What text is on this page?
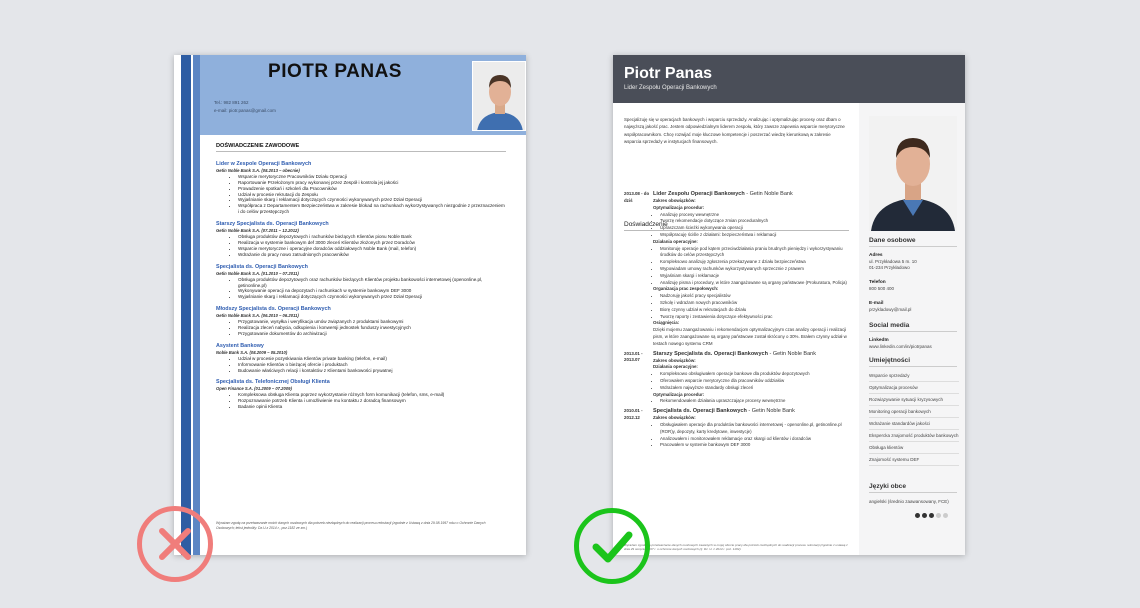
PIOTR PANAS
Tel.: 982 891 262
e-mail: piotr.panas@gmail.com
DOŚWIADCZENIE ZAWODOWE
Lider w Zespole Operacji Bankowych
Getin Noble Bank S.A. (08.2013 – obecnie)
• Wsparcie merytoryczne Pracowników Działu Operacji
• Raportowanie Przełożonym pracy wykonanej przez Zespół i kontrola jej jakości
• Prowadzenie spotkań i szkoleń dla Pracowników
• Udział w procesie rekrutacji do Zespołu
• Wyjaśnianie skarg i reklamacji dotyczących czynności wykonywanych przez Dział Operacji
• Współpraca z Departamentem Bezpieczeństwa w zakresie blokad na rachunkach wykorzystywanych niezgodnie z przeznaczeniem i do celów przestępczych
Starszy Specjalista ds. Operacji Bankowych
Getin Noble Bank S.A. (07.2011 – 12.2012)
• Obsługa produktów depozytowych i rachunków bieżących Klientów pionu Noble Bank
• Realizacja w systemie bankowym def 3000 zleceń Klientów złożonych przez Doradców
• Wsparcie merytoryczne i operacyjne doradców oddziałowych Noble Bank (mail, telefon)
• Wdrażanie do pracy nowo zatrudnionych pracowników
Specjalista ds. Operacji Bankowych
Getin Noble Bank S.A. (01.2010 – 07.2011)
• Obsługa produktów depozytowych oraz rachunków bieżących Klientów projektu bankowości internetowej (openonline.pl, getinonline.pl)
• Wykonywanie operacji na depozytach i rachunkach w systemie bankowym DEF 3000
• Wyjaśnianie skarg i reklamacji dotyczących czynności wykonywanych przez Dział Operacji
Młodszy Specjalista ds. Operacji Bankowych
Getin Noble Bank S.A. (06.2010 – 06.2011)
• Przygotowanie, wysyłka i weryfikacja umów związanych z produktami bankowymi
• Realizacja zleceń nabycia, odkupienia i konwersji jednostek funduszy inwestycyjnych
• Przygotowanie dokumentów do archiwizacji
Asystent Bankowy
Noble Bank S.A. (08.2009 – 05.2010)
• Udział w procesie pozyskiwania Klientów private banking (telefon, e-mail)
• Informowanie Klientów o bieżącej ofercie i produktach
• Budowanie właściwych relacji i kontaktów z Klientami bankowości prywatnej
Specjalista ds. Telefonicznej Obsługi Klienta
Open Finance S.A. (01.2009 – 07.2009)
• Kompleksowa obsługa Klienta poprzez wykorzystanie różnych form komunikacji (telefon, sms, e-mail)
• Rozpoznawanie potrzeb Klienta i umożliwienie mu kontaktu z doradcą finansowym
• Badanie opinii Klienta
Wyrażam zgodę na przetwarzanie moich danych osobowych dla potrzeb niezbędnych do realizacji procesu rekrutacji (zgodnie z Ustawą z dnia 29.08.1997 roku o Ochronie Danych Osobowych; tekst jednolity: Dz.U.z 2014 r., poz.1182 ze zm.)
Piotr Panas
Lider Zespołu Operacji Bankowych
Specjalizuję się w operacjach bankowych i wsparciu sprzedaży. Analizując i optymalizując procesy oraz dbam o najwyższą jakość prac. Jestem odpowiedzialnym liderem zespołu, który zawsze zapewnia wsparcie merytoryczne współpracownikom. Chcę rozwijać moje kluczowe kompetencje i poszerzać wiedzę kierunkową w zakresie wsparcia sprzedaży w instytucjach finansowych.
Doświadczenie
2013.08 - do dziś
Lider Zespołu Operacji Bankowych - Getin Noble Bank
Zakres obowiązków:
Optymalizacja procedur:
• Analizuję procesy wewnętrzne
• Tworzę rekomendacje dotyczące zmian proceduralnych
• Upraszczam ścieżki wykonywania operacji
• Współpracuję ściśle z działami: bezpieczeństwa i reklamacji
Działania operacyjne:
• Monitoruję operacje pod kątem przeciwdziałania praniu brudnych pieniędzy i wykorzystywaniu środków do celów przestępczych
• Kompleksowo analizuję zgłoszenia przekazywane z działu bezpieczeństwa
• Wypowiadam umowy rachunków wykorzystywanych sprzecznie z prawem
• Wyjaśniam skargi i reklamacje
• Analizuję pisma i procedury, w które zaangażowane są organy państwowe (Prokuratura, Policja)
Organizacja prac zespołowych:
• Nadzoruję jakość pracy specjalistów
• Szkolę i wdrażam nowych pracowników
• Biorę czynny udział w rekrutacjach do działu
• Tworzę raporty i zestawienia dotyczące efektywności prac
Osiągnięcia:
Dzięki mojemu zaangażowaniu i rekomendacjom optymalizacyjnym czas analizy operacji i realizacji pism, w które zaangażowane są organy państwowe został skrócony o 30%. Brałem czynny udział w testach nowego systemu CRM
2013.01 - 2013.07
Starszy Specjalista ds. Operacji Bankowych - Getin Noble Bank
Zakres obowiązków:
Działania operacyjne:
• Kompleksowo obsługiwałem operacje bankowe dla produktów depozytowych
• Oferowałem wsparcie merytoryczne dla pracowników oddziałów
• Wdrażałem najwyższe standardy obsługi zleceń
Optymalizacja procedur:
• Rekomendowałem działania upraszczające procesy wewnętrzne
2010.01 - 2012.12
Specjalista ds. Operacji Bankowych - Getin Noble Bank
Zakres obowiązków:
• Obsługiwałem operacje dla produktów bankowości internetowej - openonline.pl, getinonline.pl (ROR)y, depozyty, karty kredytowe, inwestycje)
• Analizowałem i monitorowałem reklamacje oraz skargi od klientów i doradców
• Pracowałem w systemie bankowym DEF 3000
Wyrażam zgodę na przetwarzanie danych osobowych zawartych w mojej ofercie pracy dla potrzeb niezbędnych do realizacji procesu rekrutacji (zgodnie z ustawą z dnia 29 sierpnia 1997 r. o ochronie danych osobowych (tj. Dz. U. z 2014 r. poz. 1182).
Dane osobowe
Adres
ul. Przykładowa 5 m. 10
01-234 Przykładowo
Telefon
800 500 400
E-mail
przykladowy@mail.pl
Social media
LinkedIn
www.linkedin.com/in/piotrpanas
Umiejętności
Wsparcie sprzedaży
Optymalizacja procesów
Rozwiązywanie sytuacji kryzysowych
Monitoring operacji bankowych
Wdrażanie standardów jakości
Ekspercka znajomość produktów bankowych
Obsługa klientów
Znajomość systemu DEF
Języki obce
angielski (średnio zaawansowany, FCE)
